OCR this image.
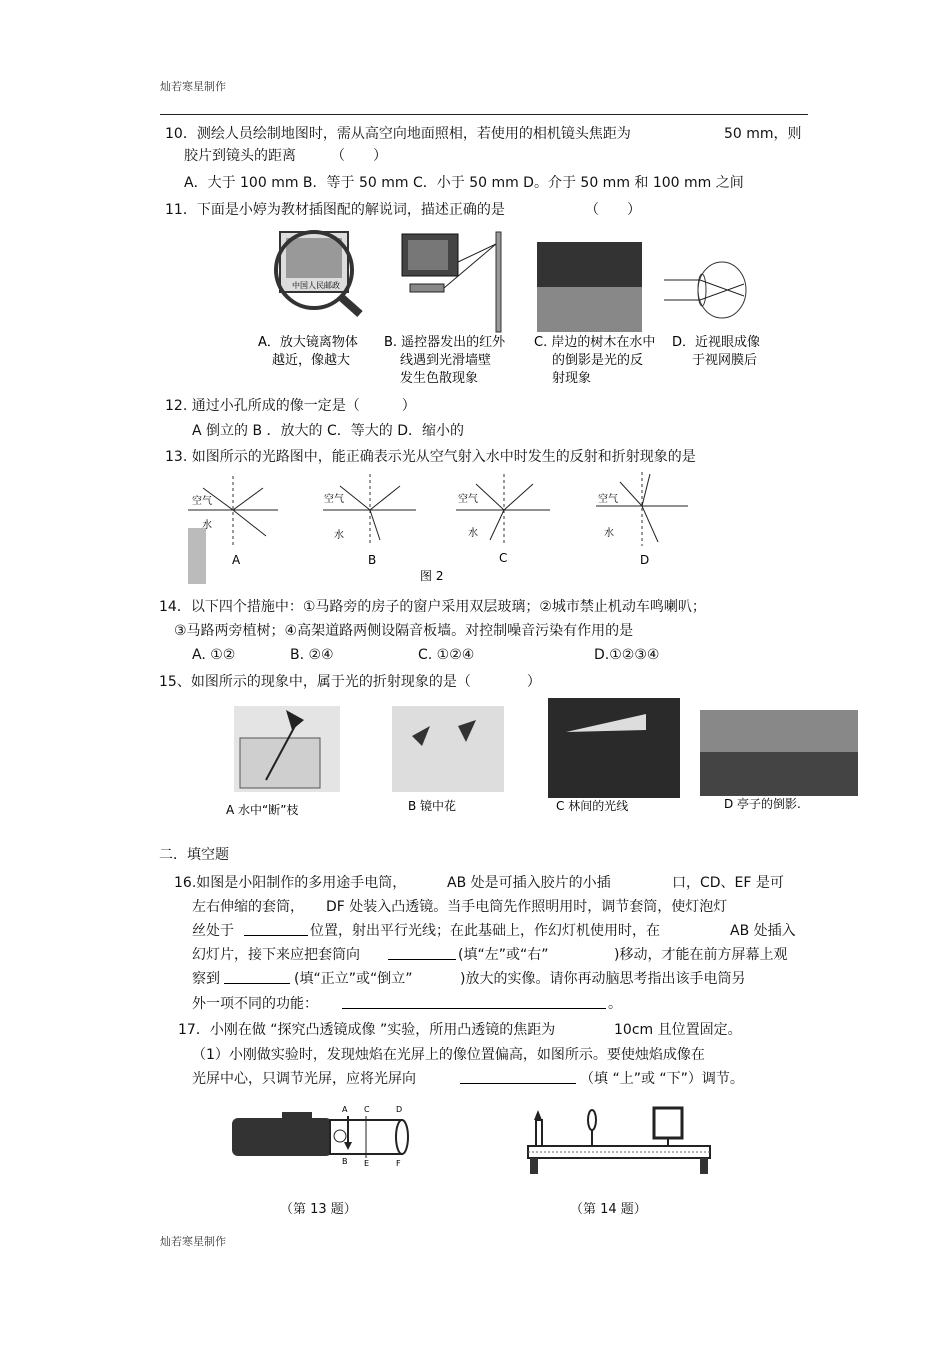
灿若寒星制作
10．测绘人员绘制地图时，需从高空向地面照相，若使用的相机镜头焦距为	50 mm，则
胶片到镜头的距离　　　（　　）
A．大于 100 mm B．等于 50 mm C．小于 50 mm D。介于 50 mm 和 100 mm 之间
11．下面是小婷为教材插图配的解说词，描述正确的是	（　　）
中国人民邮政
A．放大镜离物体 越近，像越大 B. 遥控器发出的红外 线遇到光滑墙壁 发生色散现象 C. 岸边的树木在水中 的倒影是光的反 射现象 D．近视眼成像 于视网膜后
12. 通过小孔所成的像一定是（　　　）
A 倒立的 B ．放大的 C．等大的 D．缩小的
13. 如图所示的光路图中，能正确表示光从空气射入水中时发生的反射和折射现象的是
空气
水
A
空气
水
B
空气
水
C
空气
水
D
图 2
14．以下四个措施中：①马路旁的房子的窗户采用双层玻璃；②城市禁止机动车鸣喇叭；
③马路两旁植树；④高架道路两侧设隔音板墙。对控制噪音污染有作用的是
A. ①②	B. ②④	C. ①②④	D.①②③④
15、如图所示的现象中，属于光的折射现象的是（　　　　）
A 水中“断”枝	B 镜中花	C 林间的光线	D 亭子的倒影.
二．填空题
16.如图是小阳制作的多用途手电筒，	AB 处是可插入胶片的小插	口，CD、EF 是可
左右伸缩的套筒， DF 处装入凸透镜。当手电筒先作照明用时，调节套筒，使灯泡灯
丝处于	位置，射出平行光线；在此基础上，作幻灯机使用时，在	AB 处插入
幻灯片，接下来应把套筒向	(填“左”或“右”	)移动，才能在前方屏幕上观
察到	(填“正立”或“倒立”	)放大的实像。请你再动脑思考指出该手电筒另
外一项不同的功能：	。
17．小刚在做 “探究凸透镜成像 ”实验，所用凸透镜的焦距为	10cm 且位置固定。
（1）小刚做实验时，发现烛焰在光屏上的像位置偏高，如图所示。要使烛焰成像在
光屏中心，只调节光屏，应将光屏向	（填 “上”或 “下”）调节。
A C	D
B E	F
（第 13 题）	（第 14 题）
灿若寒星制作
